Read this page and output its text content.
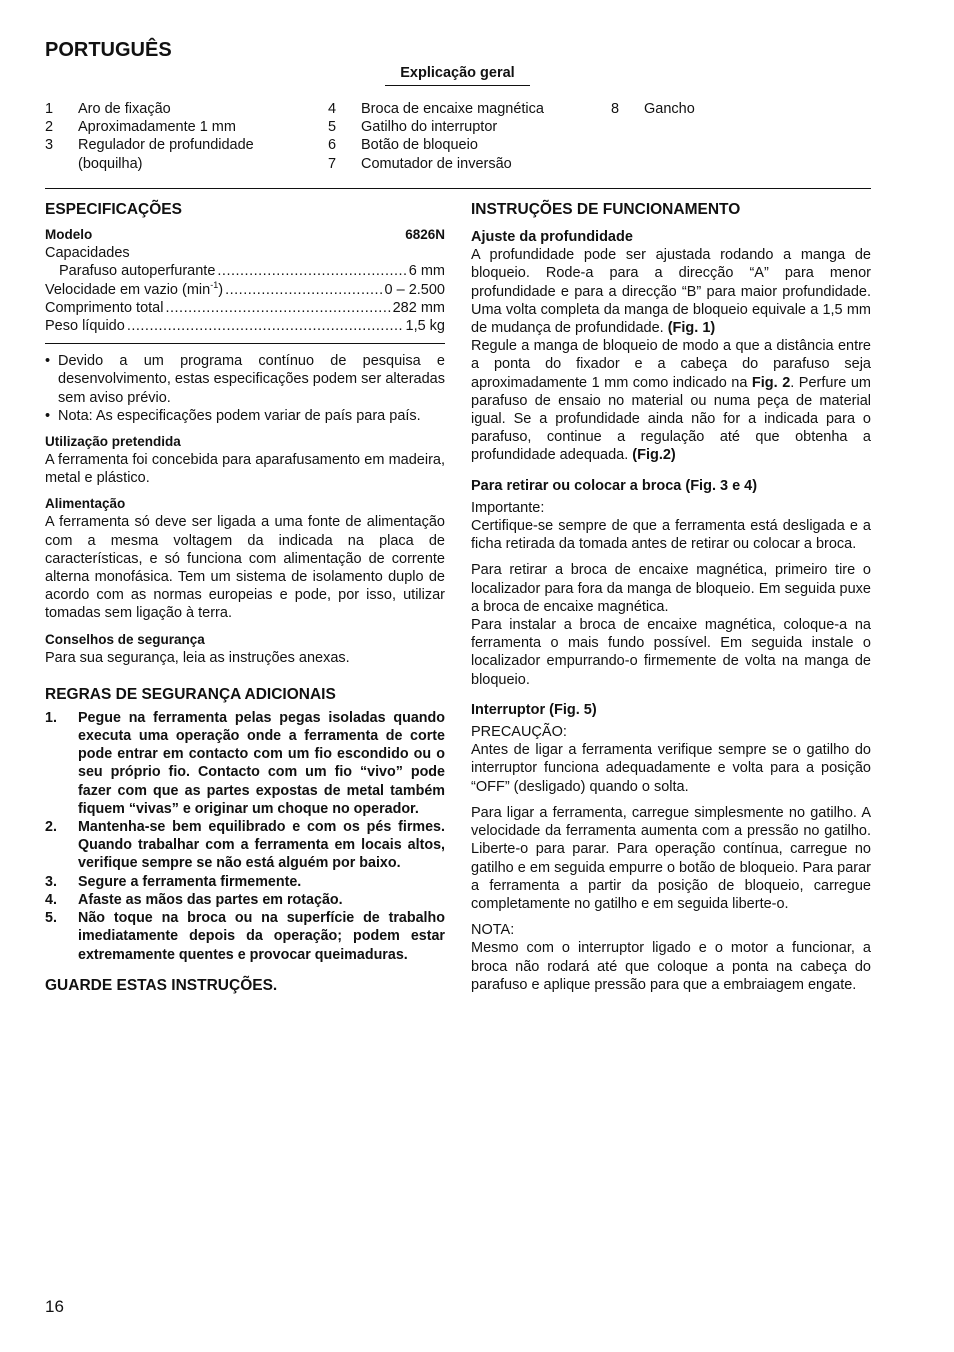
PORTUGUÊS
Explicação geral
1	Aro de fixação
2	Aproximadamente 1 mm
3	Regulador de profundidade (boquilha)
4	Broca de encaixe magnética
5	Gatilho do interruptor
6	Botão de bloqueio
7	Comutador de inversão
8	Gancho
ESPECIFICAÇÕES
Modelo	6826N
Capacidades
Parafuso autoperfurante .....	6 mm
Velocidade em vazio $(\min^{-1})$ .....	0 – 2.500
Comprimento total .....	282 mm
Peso líquido .....	1,5 kg
• Devido a um programa contínuo de pesquisa e desenvolvimento, estas especificações podem ser alteradas sem aviso prévio.
• Nota: As especificações podem variar de país para país.
Utilização pretendida

A ferramenta foi concebida para aparafusamento em madeira, metal e plástico.

Alimentação

A ferramenta só deve ser ligada a uma fonte de alimentação com a mesma voltagem da indicada na placa de características, e só funciona com alimentação de corrente alterna monofásica. Tem um sistema de isolamento duplo de acordo com as normas europeias e pode, por isso, utilizar tomadas sem ligação à terra.

Conselhos de segurança

Para sua segurança, leia as instruções anexas.

REGRAS DE SEGURANÇA ADICIONAIS
1.	Pegue na ferramenta pelas pegas isoladas quando executa uma operação onde a ferramenta de corte pode entrar em contacto com um fio escondido ou o seu próprio fio. Contacto com um fio “vivo” pode fazer com que as partes expostas de metal também fiquem “vivas” e originar um choque no operador.
2.	Mantenha-se bem equilibrado e com os pés firmes. Quando trabalhar com a ferramenta em locais altos, verifique sempre se não está alguém por baixo.
3.	Segure a ferramenta firmemente.
4.	Afaste as mãos das partes em rotação.
5.	Não toque na broca ou na superfície de trabalho imediatamente depois da operação; podem estar extremamente quentes e provocar queimaduras.
GUARDE ESTAS INSTRUÇÕES.
INSTRUÇÕES DE FUNCIONAMENTO
Ajuste da profundidade

A profundidade pode ser ajustada rodando a manga de bloqueio. Rode-a para a direcção “A” para menor profundidade e para a direcção “B” para maior profundidade. Uma volta completa da manga de bloqueio equivale a 1,5 mm de mudança de profundidade. (Fig. 1)

Regule a manga de bloqueio de modo a que a distância entre a ponta do fixador e a cabeça do parafuso seja aproximadamente 1 mm como indicado na Fig. 2. Perfure um parafuso de ensaio no material ou numa peça de material igual. Se a profundidade ainda não for a indicada para o parafuso, continue a regulação até que obtenha a profundidade adequada. (Fig.2)

Para retirar ou colocar a broca (Fig. 3 e 4)
Importante:

Certifique-se sempre de que a ferramenta está desligada e a ficha retirada da tomada antes de retirar ou colocar a broca.

Para retirar a broca de encaixe magnética, primeiro tire o localizador para fora da manga de bloqueio. Em seguida puxe a broca de encaixe magnética.

Para instalar a broca de encaixe magnética, coloque-a na ferramenta o mais fundo possível. Em seguida instale o localizador empurrando-o firmemente de volta na manga de bloqueio.

Interruptor (Fig. 5)
PRECAUÇÃO:

Antes de ligar a ferramenta verifique sempre se o gatilho do interruptor funciona adequadamente e volta para a posição “OFF” (desligado) quando o solta.

Para ligar a ferramenta, carregue simplesmente no gatilho. A velocidade da ferramenta aumenta com a pressão no gatilho. Liberte-o para parar. Para operação contínua, carregue no gatilho e em seguida empurre o botão de bloqueio. Para parar a ferramenta a partir da posição de bloqueio, carregue completamente no gatilho e em seguida liberte-o.

NOTA:

Mesmo com o interruptor ligado e o motor a funcionar, a broca não rodará até que coloque a ponta na cabeça do parafuso e aplique pressão para que a embraiagem engate.

16
